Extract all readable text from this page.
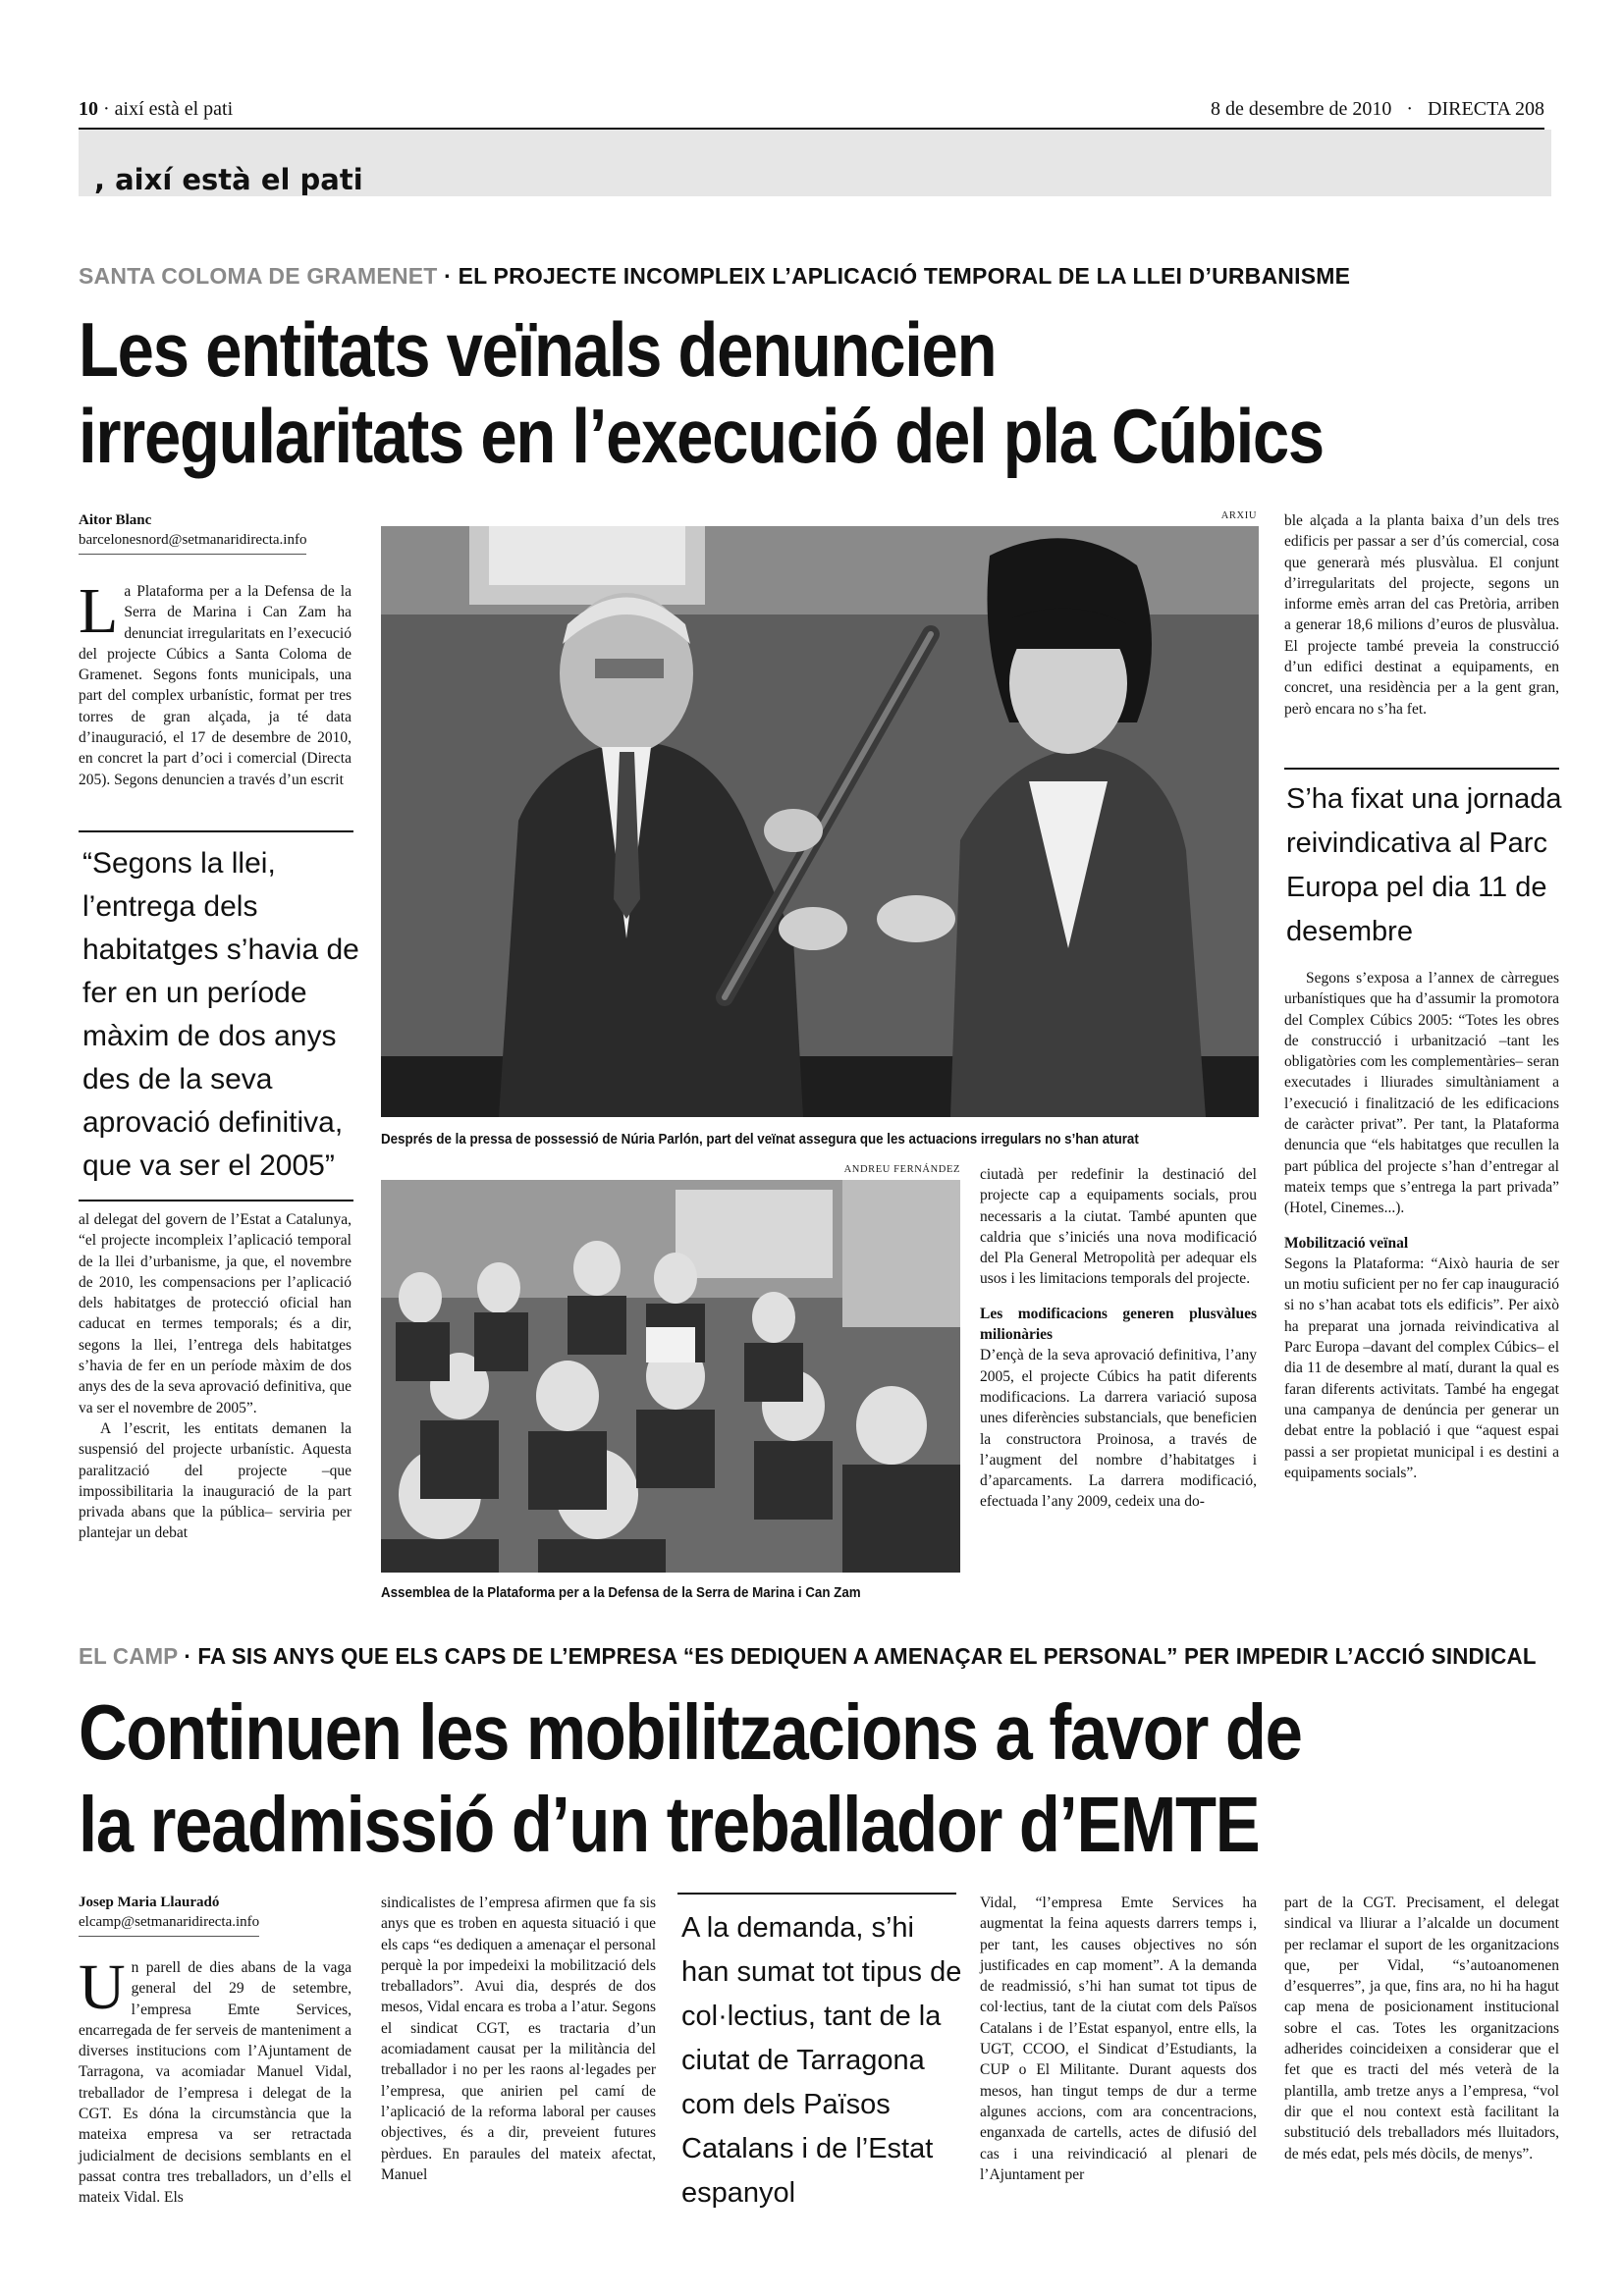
10 · així està el pati	8 de desembre de 2010 · DIRECTA 208
, així està el pati
SANTA COLOMA DE GRAMENET · EL PROJECTE INCOMPLEIX L’APLICACIÓ TEMPORAL DE LA LLEI D’URBANISME
Les entitats veïnals denuncien
irregularitats en l’execució del pla Cúbics
Aitor Blanc
barcelonesnord@setmanaridirecta.info
L a Plataforma per a la Defensa de la Serra de Marina i Can Zam ha denunciat irregularitats en l’execució del projecte Cúbics a Santa Coloma de Gramenet. Segons fonts municipals, una part del complex urbanístic, format per tres torres de gran alçada, ja té data d’inauguració, el 17 de desembre de 2010, en concret la part d’oci i comercial (Directa 205). Segons denuncien a través d’un escrit

“Segons la llei, l’entrega dels habitatges s’havia de fer en un període màxim de dos anys des de la seva aprovació definitiva, que va ser el 2005”

al delegat del govern de l’Estat a Catalunya, “el projecte incompleix l’aplicació temporal de la llei d’urbanisme, ja que, el novembre de 2010, les compensacions per l’aplicació dels habitatges de protecció oficial han caducat en termes temporals; és a dir, segons la llei, l’entrega dels habitatges s’havia de fer en un període màxim de dos anys des de la seva aprovació definitiva, que va ser el novembre de 2005”.

A l’escrit, les entitats demanen la suspensió del projecte urbanístic. Aquesta paralització del projecte –que impossibilitaria la inauguració de la part privada abans que la pública– serviria per plantejar un debat

ARXIU
Després de la pressa de possessió de Núria Parlón, part del veïnat assegura que les actuacions irregulars no s’han aturat
ANDREU FERNÁNDEZ
Assemblea de la Plataforma per a la Defensa de la Serra de Marina i Can Zam

ciutadà per redefinir la destinació del projecte cap a equipaments socials, prou necessaris a la ciutat. També apunten que caldria que s’iniciés una nova modificació del Pla General Metropolità per adequar els usos i les limitacions temporals del projecte.

Les modificacions generen plusvàlues milionàries

D’ençà de la seva aprovació definitiva, l’any 2005, el projecte Cúbics ha patit diferents modificacions. La darrera variació suposa unes diferències substancials, que beneficien la constructora Proinosa, a través de l’augment del nombre d’habitatges i d’aparcaments. La darrera modificació, efectuada l’any 2009, cedeix una do-

ble alçada a la planta baixa d’un dels tres edificis per passar a ser d’ús comercial, cosa que generarà més plusvàlua. El conjunt d’irregularitats del projecte, segons un informe emès arran del cas Pretòria, arriben a generar 18,6 milions d’euros de plusvàlua. El projecte també preveia la construcció d’un edifici destinat a equipaments, en concret, una residència per a la gent gran, però encara no s’ha fet.

S’ha fixat una jornada reivindicativa al Parc Europa pel dia 11 de desembre

Segons s’exposa a l’annex de càrregues urbanístiques que ha d’assumir la promotora del Complex Cúbics 2005: “Totes les obres de construcció i urbanització –tant les obligatòries com les complementàries– seran executades i lliurades simultàniament a l’execució i finalització de les edificacions de caràcter privat”. Per tant, la Plataforma denuncia que “els habitatges que recullen la part pública del projecte s’han d’entregar al mateix temps que s’entrega la part privada” (Hotel, Cinemes...).

Mobilització veïnal

Segons la Plataforma: “Això hauria de ser un motiu suficient per no fer cap inauguració si no s’han acabat tots els edificis”. Per això ha preparat una jornada reivindicativa al Parc Europa –davant del complex Cúbics– el dia 11 de desembre al matí, durant la qual es faran diferents activitats. També ha engegat una campanya de denúncia per generar un debat entre la població i que “aquest espai passi a ser propietat municipal i es destini a equipaments socials”.

EL CAMP · FA SIS ANYS QUE ELS CAPS DE L’EMPRESA “ES DEDIQUEN A AMENAÇAR EL PERSONAL” PER IMPEDIR L’ACCIÓ SINDICAL
Continuen les mobilitzacions a favor de
la readmissió d’un treballador d’EMTE
Josep Maria Llauradó
elcamp@setmanaridirecta.info
U n parell de dies abans de la vaga general del 29 de setembre, l’empresa Emte Services, encarregada de fer serveis de manteniment a diverses institucions com l’Ajuntament de Tarragona, va acomiadar Manuel Vidal, treballador de l’empresa i delegat de la CGT. Es dóna la circumstància que la mateixa empresa va ser retractada judicialment de decisions semblants en el passat contra tres treballadors, un d’ells el mateix Vidal. Els

sindicalistes de l’empresa afirmen que fa sis anys que es troben en aquesta situació i que els caps “es dediquen a amenaçar el personal perquè la por impedeixi la mobilització dels treballadors”. Avui dia, després de dos mesos, Vidal encara es troba a l’atur. Segons el sindicat CGT, es tractaria d’un acomiadament causat per la militància del treballador i no per les raons al·legades per l’empresa, que anirien pel camí de l’aplicació de la reforma laboral per causes objectives, és a dir, preveient futures pèrdues. En paraules del mateix afectat, Manuel

A la demanda, s’hi han sumat tot tipus de col·lectius, tant de la ciutat de Tarragona com dels Països Catalans i de l’Estat espanyol

Vidal, “l’empresa Emte Services ha augmentat la feina aquests darrers temps i, per tant, les causes objectives no són justificades en cap moment”. A la demanda de readmissió, s’hi han sumat tot tipus de col·lectius, tant de la ciutat com dels Països Catalans i de l’Estat espanyol, entre ells, la UGT, CCOO, el Sindicat d’Estudiants, la CUP o El Militante. Durant aquests dos mesos, han tingut temps de dur a terme algunes accions, com ara concentracions, enganxada de cartells, actes de difusió del cas i una reivindicació al plenari de l’Ajuntament per

part de la CGT. Precisament, el delegat sindical va lliurar a l’alcalde un document per reclamar el suport de les organitzacions que, per Vidal, “s’autoanomenen d’esquerres”, ja que, fins ara, no hi ha hagut cap mena de posicionament institucional sobre el cas. Totes les organitzacions adherides coincideixen a considerar que el fet que es tracti del més veterà de la plantilla, amb tretze anys a l’empresa, “vol dir que el nou context està facilitant la substitució dels treballadors més lluitadors, de més edat, pels més dòcils, de menys”.
